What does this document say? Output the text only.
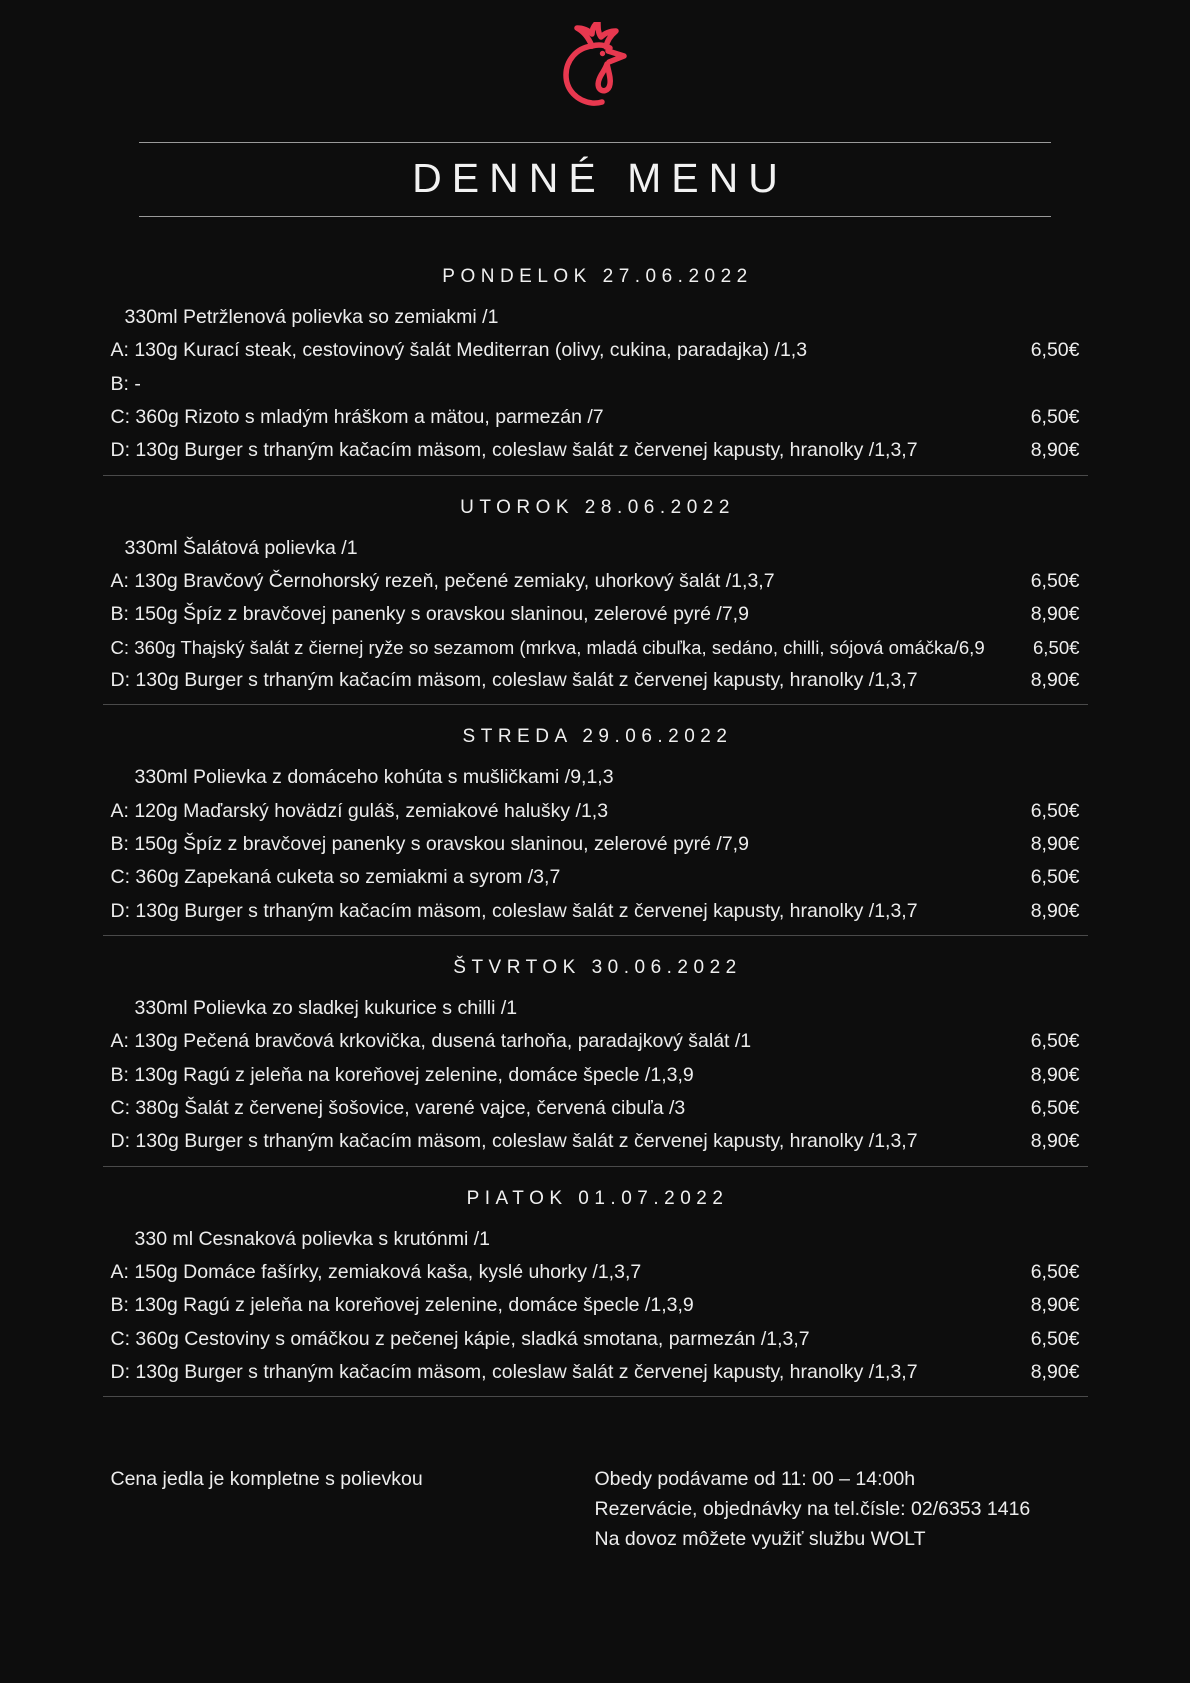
DENNÉ MENU
PONDELOK 27.06.2022
330ml Petržlenová polievka so zemiakmi /1
A: 130g Kurací steak, cestovinový šalát Mediterran (olivy, cukina, paradajka) /1,3	6,50€
B: -
C: 360g Rizoto s mladým hráškom a mätou, parmezán /7	6,50€
D: 130g Burger s trhaným kačacím mäsom, coleslaw šalát z červenej kapusty, hranolky /1,3,7	8,90€
UTOROK 28.06.2022
330ml Šalátová polievka /1
A: 130g Bravčový Černohorský rezeň, pečené zemiaky, uhorkový šalát /1,3,7	6,50€
B: 150g Špíz z bravčovej panenky s oravskou slaninou, zelerové pyré /7,9	8,90€
C: 360g Thajský šalát z čiernej ryže so sezamom (mrkva, mladá cibuľka, sedáno, chilli, sójová omáčka/6,9	6,50€
D: 130g Burger s trhaným kačacím mäsom, coleslaw šalát z červenej kapusty, hranolky /1,3,7	8,90€
STREDA 29.06.2022
330ml Polievka z domáceho kohúta s mušličkami /9,1,3
A: 120g Maďarský hovädzí guláš, zemiakové halušky /1,3	6,50€
B: 150g Špíz z bravčovej panenky s oravskou slaninou, zelerové pyré /7,9	8,90€
C: 360g Zapekaná cuketa so zemiakmi a syrom /3,7	6,50€
D: 130g Burger s trhaným kačacím mäsom, coleslaw šalát z červenej kapusty, hranolky /1,3,7	8,90€
ŠTVRTOK 30.06.2022
330ml Polievka zo sladkej kukurice s chilli /1
A: 130g Pečená bravčová krkovička, dusená tarhoňa, paradajkový šalát /1	6,50€
B: 130g Ragú z jeleňa na koreňovej zelenine, domáce špecle /1,3,9	8,90€
C: 380g Šalát z červenej šošovice, varené vajce, červená cibuľa /3	6,50€
D: 130g Burger s trhaným kačacím mäsom, coleslaw šalát z červenej kapusty, hranolky /1,3,7	8,90€
PIATOK 01.07.2022
330 ml Cesnaková polievka s krutónmi /1
A: 150g Domáce fašírky, zemiaková kaša, kyslé uhorky /1,3,7	6,50€
B: 130g Ragú z jeleňa na koreňovej zelenine, domáce špecle /1,3,9	8,90€
C: 360g Cestoviny s omáčkou z pečenej kápie, sladká smotana, parmezán /1,3,7	6,50€
D: 130g Burger s trhaným kačacím mäsom, coleslaw šalát z červenej kapusty, hranolky /1,3,7	8,90€
Cena jedla je kompletne s polievkou	Obedy podávame od 11: 00 – 14:00h
Rezervácie, objednávky na tel.čísle: 02/6353 1416
Na dovoz môžete využiť službu WOLT
